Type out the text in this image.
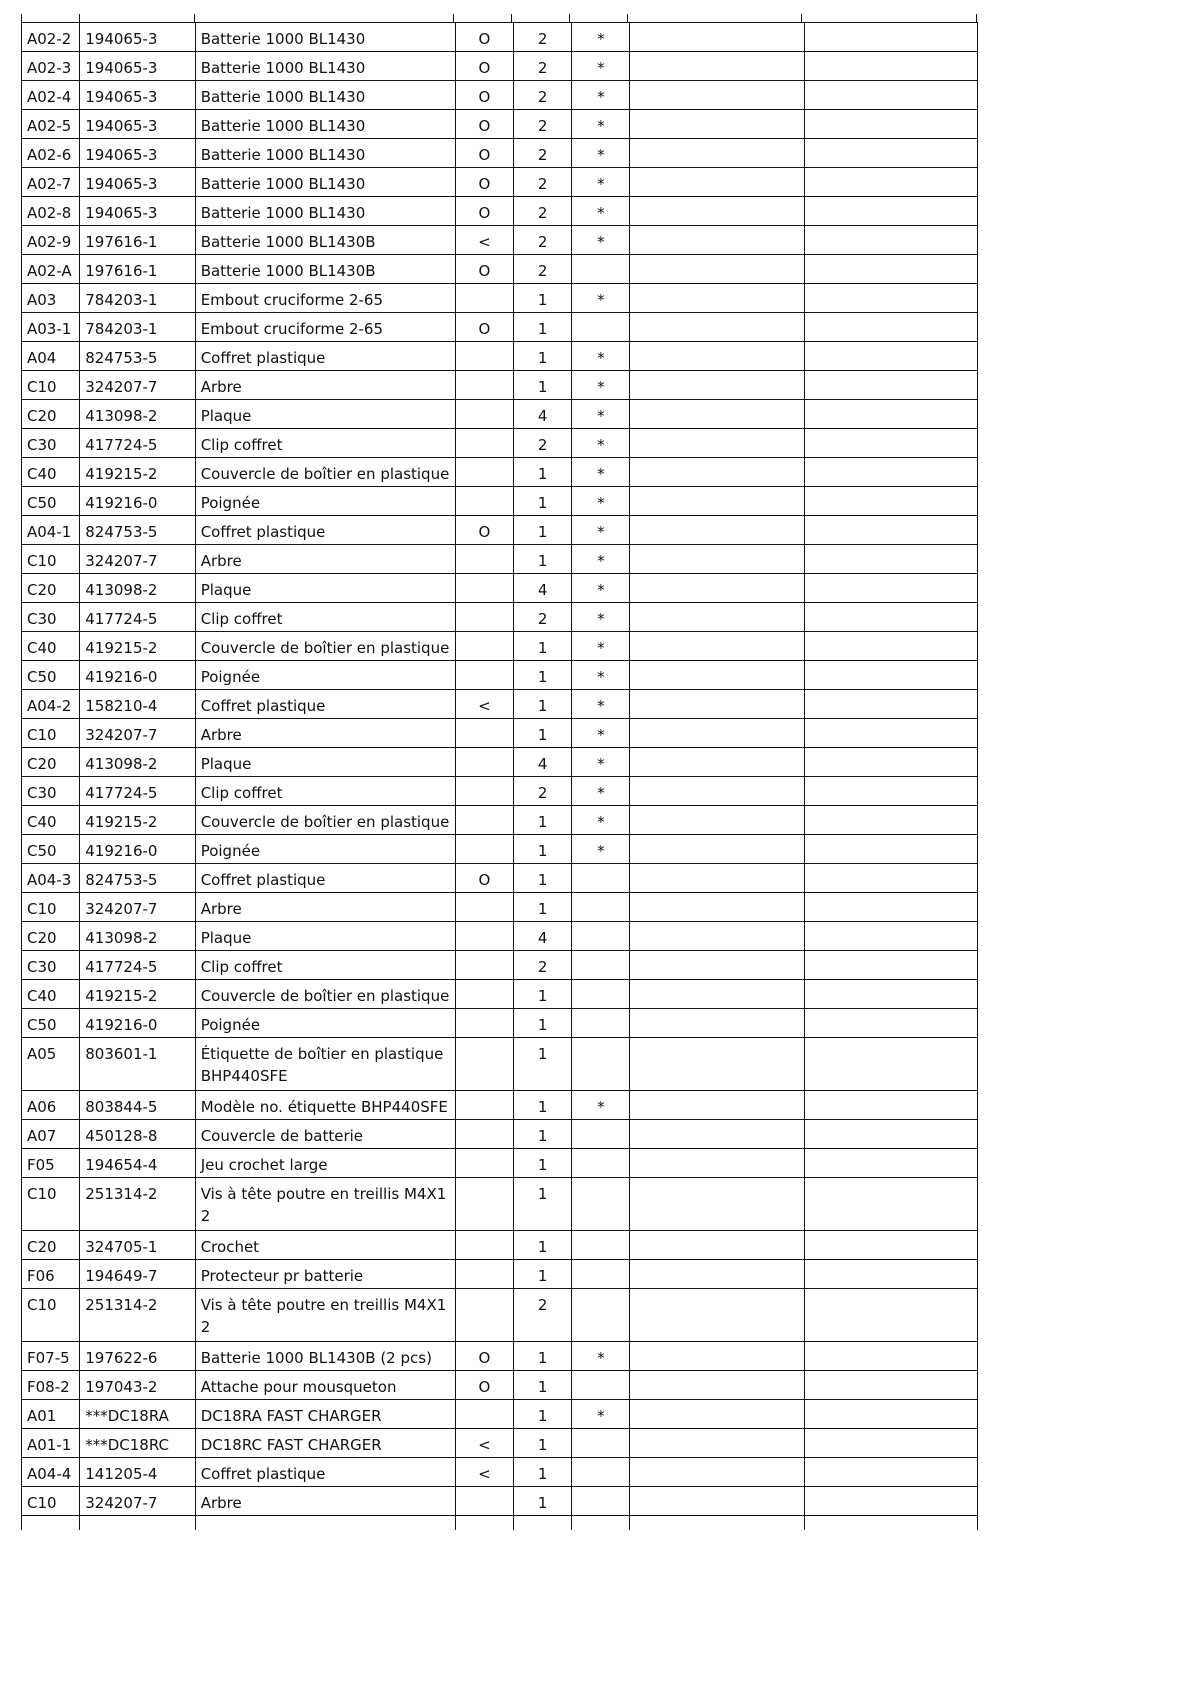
A02-2	194065-3	Batterie 1000 BL1430	O	2	*		
A02-3	194065-3	Batterie 1000 BL1430	O	2	*		
A02-4	194065-3	Batterie 1000 BL1430	O	2	*		
A02-5	194065-3	Batterie 1000 BL1430	O	2	*		
A02-6	194065-3	Batterie 1000 BL1430	O	2	*		
A02-7	194065-3	Batterie 1000 BL1430	O	2	*		
A02-8	194065-3	Batterie 1000 BL1430	O	2	*		
A02-9	197616-1	Batterie 1000 BL1430B	<	2	*		
A02-A	197616-1	Batterie 1000 BL1430B	O	2			
A03	784203-1	Embout cruciforme 2-65		1	*		
A03-1	784203-1	Embout cruciforme 2-65	O	1			
A04	824753-5	Coffret plastique		1	*		
C10	324207-7	Arbre		1	*		
C20	413098-2	Plaque		4	*		
C30	417724-5	Clip coffret		2	*		
C40	419215-2	Couvercle de boîtier en plastique		1	*		
C50	419216-0	Poignée		1	*		
A04-1	824753-5	Coffret plastique	O	1	*		
C10	324207-7	Arbre		1	*		
C20	413098-2	Plaque		4	*		
C30	417724-5	Clip coffret		2	*		
C40	419215-2	Couvercle de boîtier en plastique		1	*		
C50	419216-0	Poignée		1	*		
A04-2	158210-4	Coffret plastique	<	1	*		
C10	324207-7	Arbre		1	*		
C20	413098-2	Plaque		4	*		
C30	417724-5	Clip coffret		2	*		
C40	419215-2	Couvercle de boîtier en plastique		1	*		
C50	419216-0	Poignée		1	*		
A04-3	824753-5	Coffret plastique	O	1			
C10	324207-7	Arbre		1			
C20	413098-2	Plaque		4			
C30	417724-5	Clip coffret		2			
C40	419215-2	Couvercle de boîtier en plastique		1			
C50	419216-0	Poignée		1			
A05	803601-1	Étiquette de boîtier en plastique BHP440SFE		1			
A06	803844-5	Modèle no. étiquette BHP440SFE		1	*		
A07	450128-8	Couvercle de batterie		1			
F05	194654-4	Jeu crochet large		1			
C10	251314-2	Vis à tête poutre en treillis M4X1 2		1			
C20	324705-1	Crochet		1			
F06	194649-7	Protecteur pr batterie		1			
C10	251314-2	Vis à tête poutre en treillis M4X1 2		2			
F07-5	197622-6	Batterie 1000 BL1430B (2 pcs)	O	1	*		
F08-2	197043-2	Attache pour mousqueton	O	1			
A01	***DC18RA	DC18RA FAST CHARGER		1	*		
A01-1	***DC18RC	DC18RC FAST CHARGER	<	1			
A04-4	141205-4	Coffret plastique	<	1			
C10	324207-7	Arbre		1			
